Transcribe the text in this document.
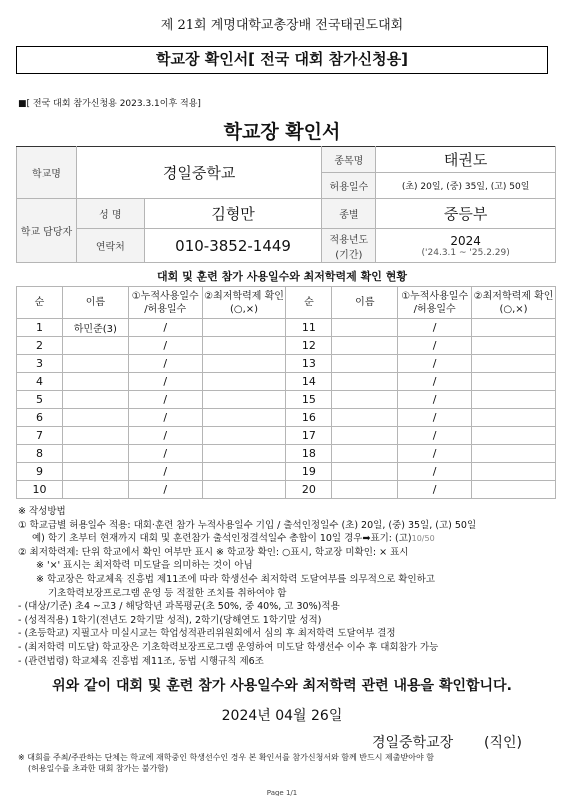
제 21회 계명대학교총장배 전국태권도대회
학교장 확인서[ 전국 대회 참가신청용]
■[ 전국 대회 참가신청용 2023.3.1이후 적용]
학교장 확인서
학교명	경일중학교		종목명	태권도
			허용일수	(초) 20일, (중) 35일, (고) 50일
학교 담당자	성 명	김형만	종별	중등부
	연락처	010-3852-1449	적용년도 (기간)	2024
('24.3.1 ~ '25.2.29)
대회 및 훈련 참가 사용일수와 최저학력제 확인 현황
순	이름	①누적사용일수 /허용일수	②최저학력제 확인(○,×)	순	이름	①누적사용일수 /허용일수	②최저학력제 확인(○,×)
1	하민준(3)	/		11		/	
2		/		12		/	
3		/		13		/	
4		/		14		/	
5		/		15		/	
6		/		16		/	
7		/		17		/	
8		/		18		/	
9		/		19		/	
10		/		20		/	
※ 작성방법
① 학교급별 허용일수 적용: 대회·훈련 참가 누적사용일수 기입 / 출석인정일수 (초) 20일, (중) 35일, (고) 50일
예) 학기 초부터 현재까지 대회 및 훈련참가 출석인정결석일수 총합이 10일 경우➡표기: (고)10/50
② 최저학력제: 단위 학교에서 확인 여부만 표시 ※ 학교장 확인: ○표시, 학교장 미확인: × 표시
※ '×' 표시는 최저학력 미도달을 의미하는 것이 아님
※ 학교장은 학교체육 진흥법 제11조에 따라 학생선수 최저학력 도달여부를 의무적으로 확인하고
기초학력보장프로그램 운영 등 적절한 조치를 취하여야 함
- (대상/기준) 초4 ~고3 / 해당학년 과목평균(초 50%, 중 40%, 고 30%)적용
- (성적적용) 1학기(전년도 2학기말 성적), 2학기(당해연도 1학기말 성적)
- (초등학교) 지필고사 미실시교는 학업성적관리위원회에서 심의 후 최저학력 도달여부 결정
- (최저학력 미도달) 학교장은 기초학력보장프로그램 운영하여 미도달 학생선수 이수 후 대회참가 가능
- (관련법령) 학교체육 진흥법 제11조, 동법 시행규칙 제6조
위와 같이 대회 및 훈련 참가 사용일수와 최저학력 관련 내용을 확인합니다.
2024년 04월 26일
경일중학교장 (직인)
※ 대회를 주최/주관하는 단체는 학교에 재학중인 학생선수인 경우 본 확인서를 참가신청서와 함께 반드시 제출받아야 함
(허용일수를 초과한 대회 참가는 불가함)
Page 1/1
